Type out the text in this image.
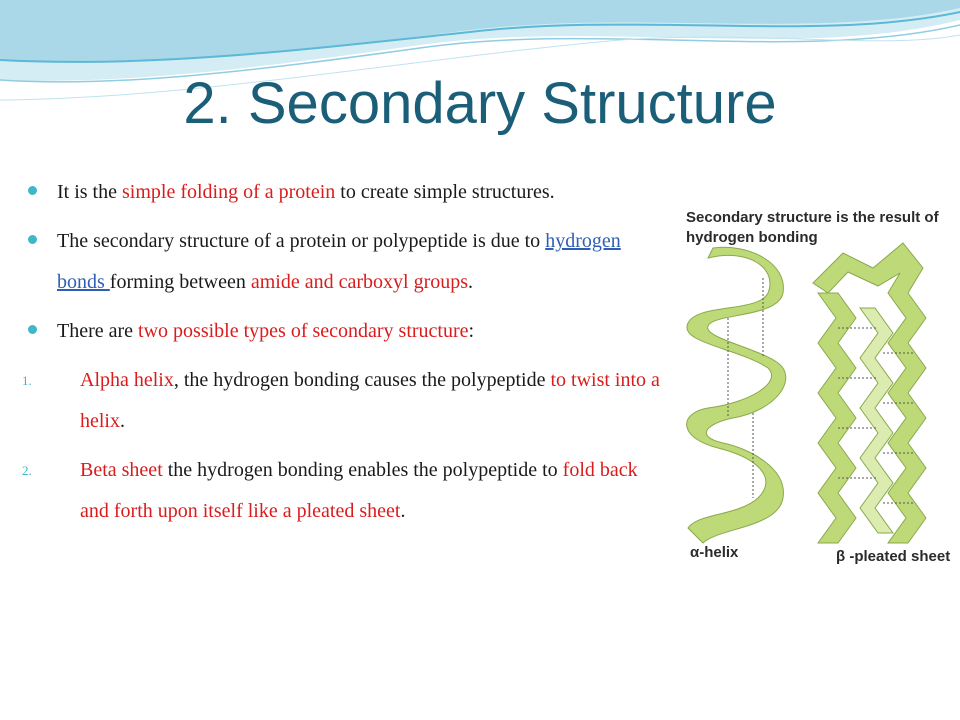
2. Secondary Structure
It is the simple folding of a protein to create simple structures.
The secondary structure of a protein or polypeptide is due to hydrogen bonds forming between amide and carboxyl groups.
There are two possible types of secondary structure:
1. Alpha helix, the hydrogen bonding causes the polypeptide to twist into a helix.
2. Beta sheet the hydrogen bonding enables the polypeptide to fold back and forth upon itself like a pleated sheet.
Secondary structure is the result of hydrogen bonding
α-helix	β -pleated sheet
